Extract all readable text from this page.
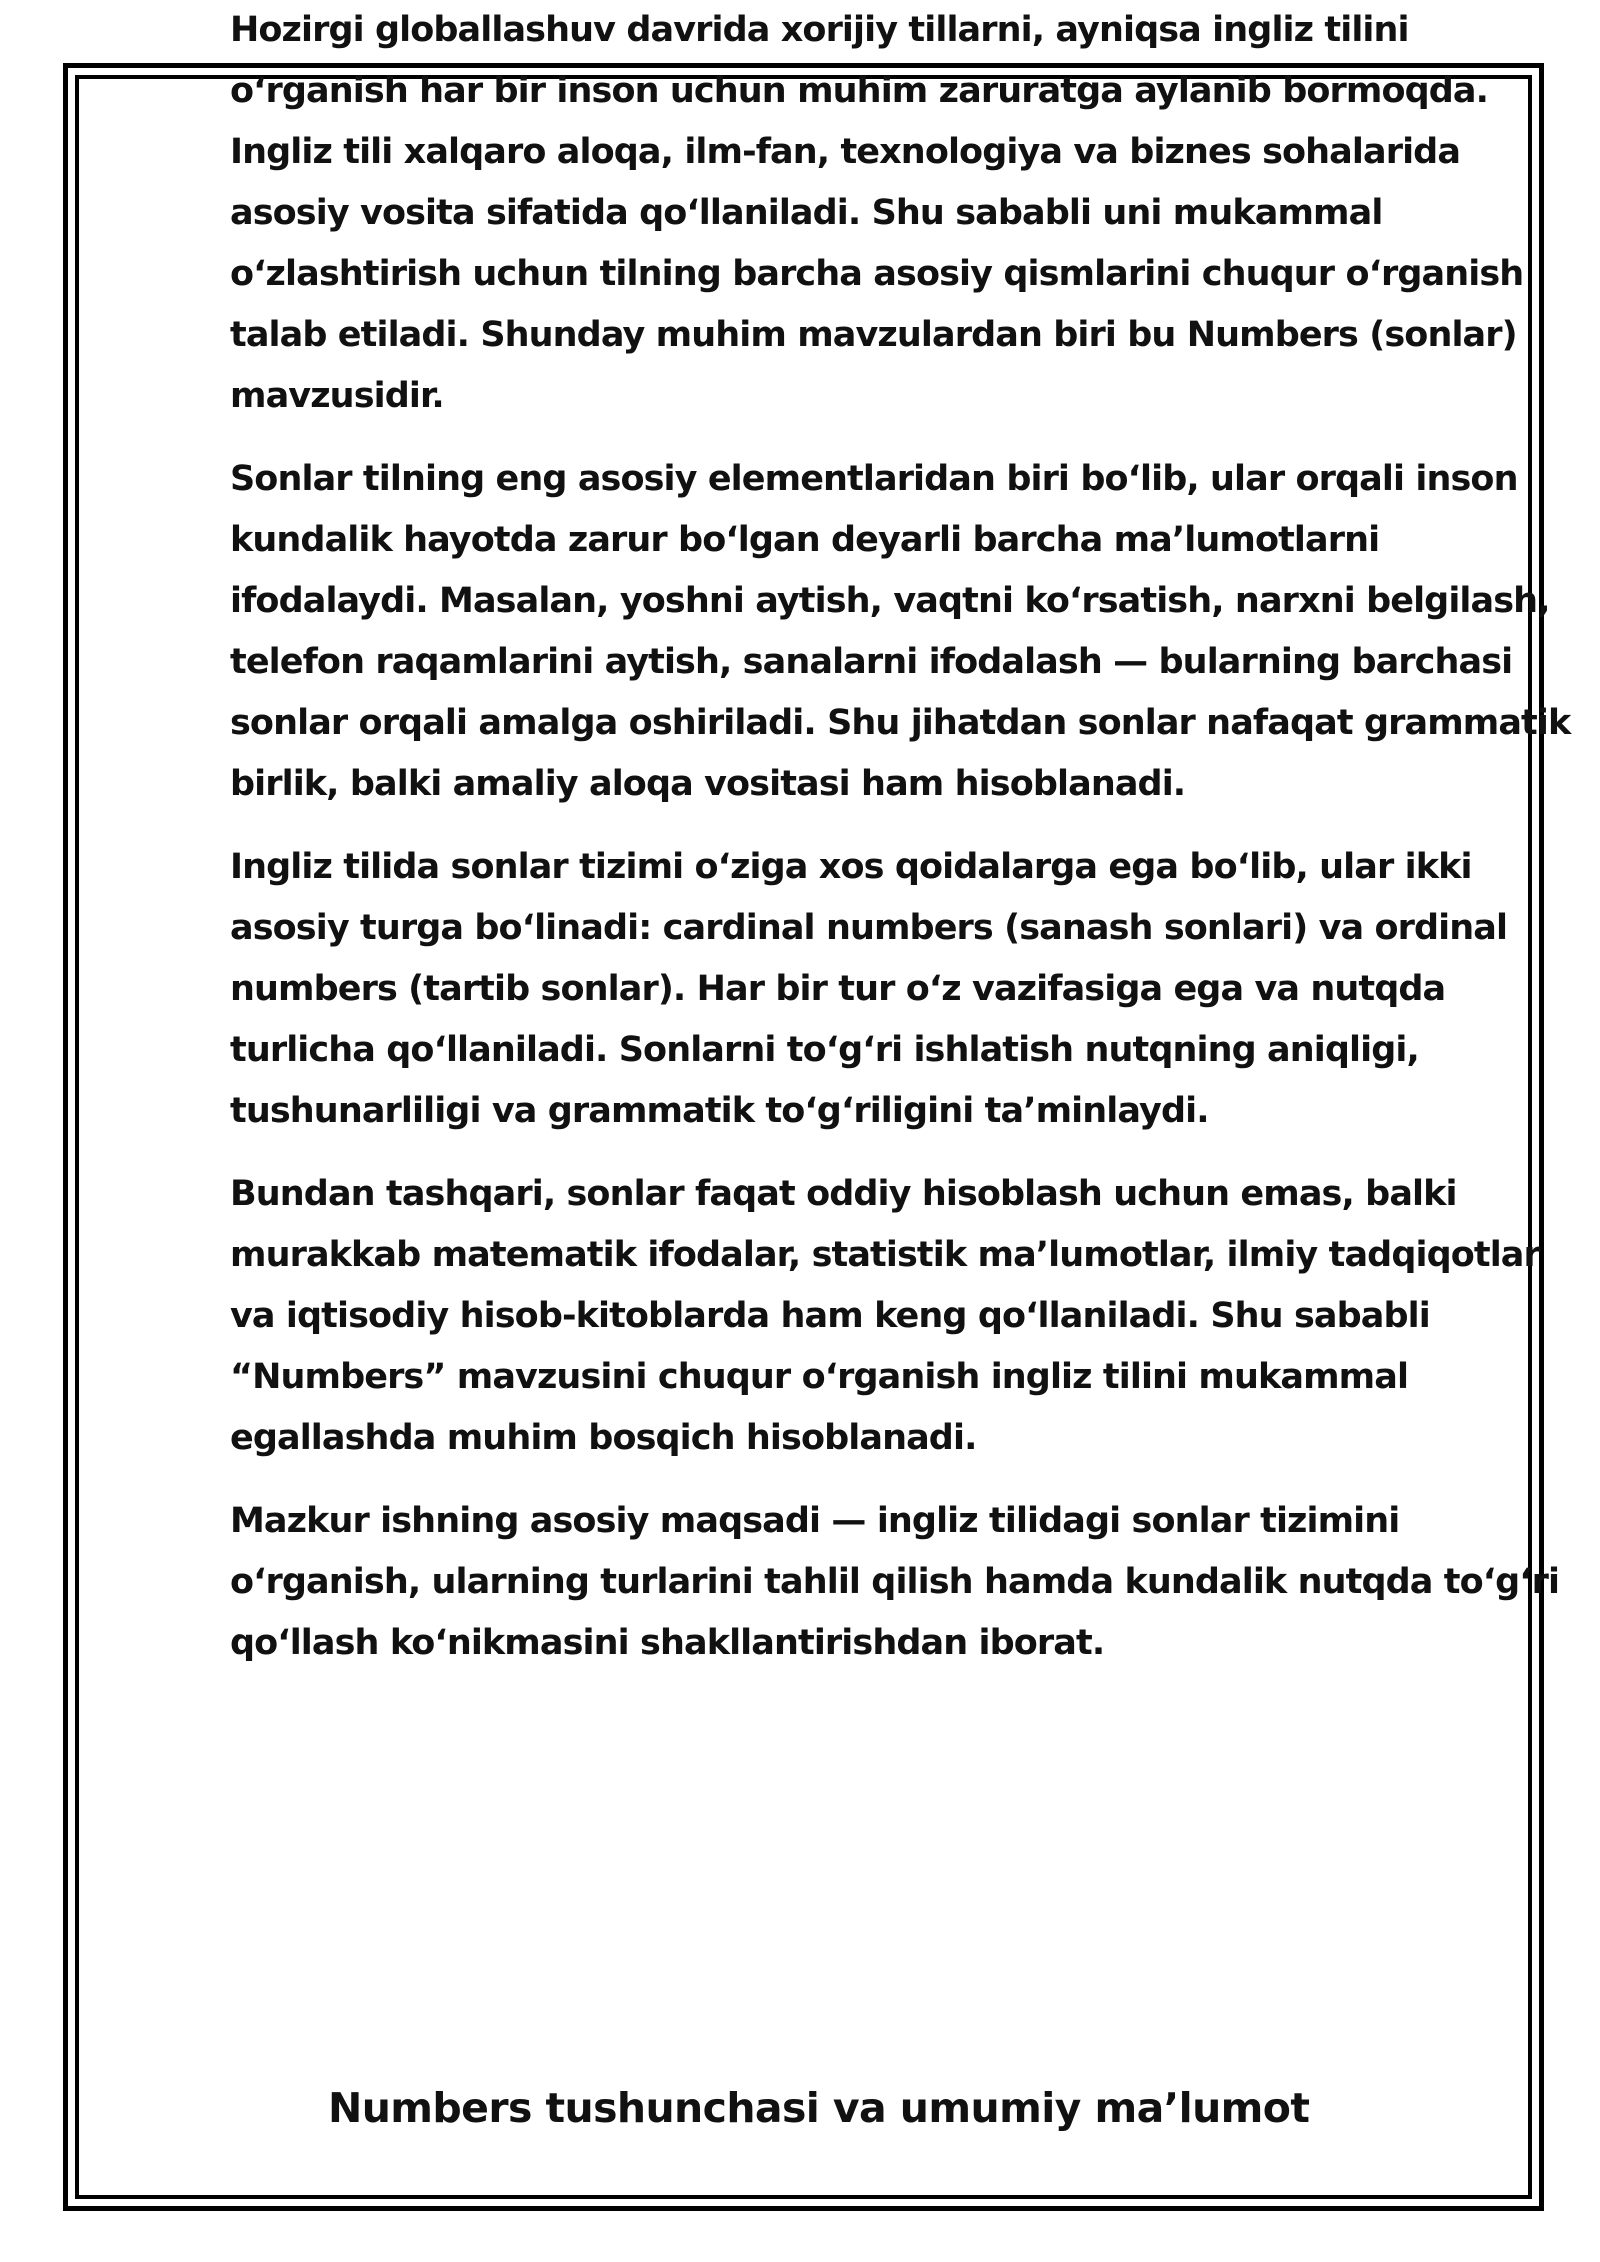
Hozirgi globallashuv davrida xorijiy tillarni, ayniqsa ingliz tilini
o‘rganish har bir inson uchun muhim zaruratga aylanib bormoqda.
Ingliz tili xalqaro aloqa, ilm-fan, texnologiya va biznes sohalarida
asosiy vosita sifatida qo‘llaniladi. Shu sababli uni mukammal
o‘zlashtirish uchun tilning barcha asosiy qismlarini chuqur o‘rganish
talab etiladi. Shunday muhim mavzulardan biri bu Numbers (sonlar)
mavzusidir.

Sonlar tilning eng asosiy elementlaridan biri bo‘lib, ular orqali inson
kundalik hayotda zarur bo‘lgan deyarli barcha ma’lumotlarni
ifodalaydi. Masalan, yoshni aytish, vaqtni ko‘rsatish, narxni belgilash,
telefon raqamlarini aytish, sanalarni ifodalash — bularning barchasi
sonlar orqali amalga oshiriladi. Shu jihatdan sonlar nafaqat grammatik
birlik, balki amaliy aloqa vositasi ham hisoblanadi.

Ingliz tilida sonlar tizimi o‘ziga xos qoidalarga ega bo‘lib, ular ikki
asosiy turga bo‘linadi: cardinal numbers (sanash sonlari) va ordinal
numbers (tartib sonlar). Har bir tur o‘z vazifasiga ega va nutqda
turlicha qo‘llaniladi. Sonlarni to‘g‘ri ishlatish nutqning aniqligi,
tushunarliligi va grammatik to‘g‘riligini ta’minlaydi.

Bundan tashqari, sonlar faqat oddiy hisoblash uchun emas, balki
murakkab matematik ifodalar, statistik ma’lumotlar, ilmiy tadqiqotlar
va iqtisodiy hisob-kitoblarda ham keng qo‘llaniladi. Shu sababli
“Numbers” mavzusini chuqur o‘rganish ingliz tilini mukammal
egallashda muhim bosqich hisoblanadi.

Mazkur ishning asosiy maqsadi — ingliz tilidagi sonlar tizimini
o‘rganish, ularning turlarini tahlil qilish hamda kundalik nutqda to‘g‘ri
qo‘llash ko‘nikmasini shakllantirishdan iborat.

Numbers tushunchasi va umumiy ma’lumot
